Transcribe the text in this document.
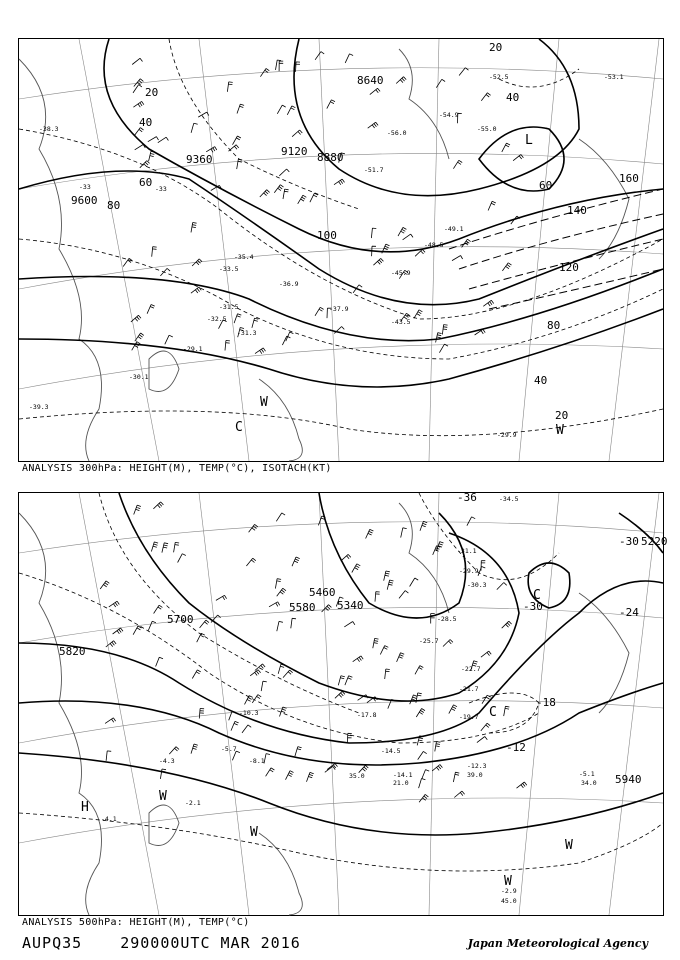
9600
9360
9120 8880
8640
20
40
60
80
100
120
140
160
80
60
40
20
40
20
L
C
W
W
-53.1
-52.5
-54.9
-55.0
-56.0
-51.7
-49.1
-48.5
-45.9
-43.5
-37.9
-36.9
-35.4
-33.5
-31.5
-29.1
-31.3
-32.5
-30.1
-29.9
-38.3
-39.3
-33	-33
ANALYSIS 300hPa: HEIGHT(M), TEMP(°C), ISOTACH(KT)
5820
5700
5580
5460
5340
5220
5940
-36
-30
-24
-18
-12
-30
C
C
H
W
W
W
W
-34.5
-31.1
-29.9
-30.3
-28.5
-25.7
-22.7
-21.7
-19.7
-17.8
-14.5
-14.1
-12.3
-10.3
-8.1
-5.7
-5.1
-4.3
-2.1
-4.1
-2.9
34.0
39.0
45.0
21.0
35.0
ANALYSIS 500hPa: HEIGHT(M), TEMP(°C)
AUPQ35	290000UTC MAR 2016	Japan Meteorological Agency
